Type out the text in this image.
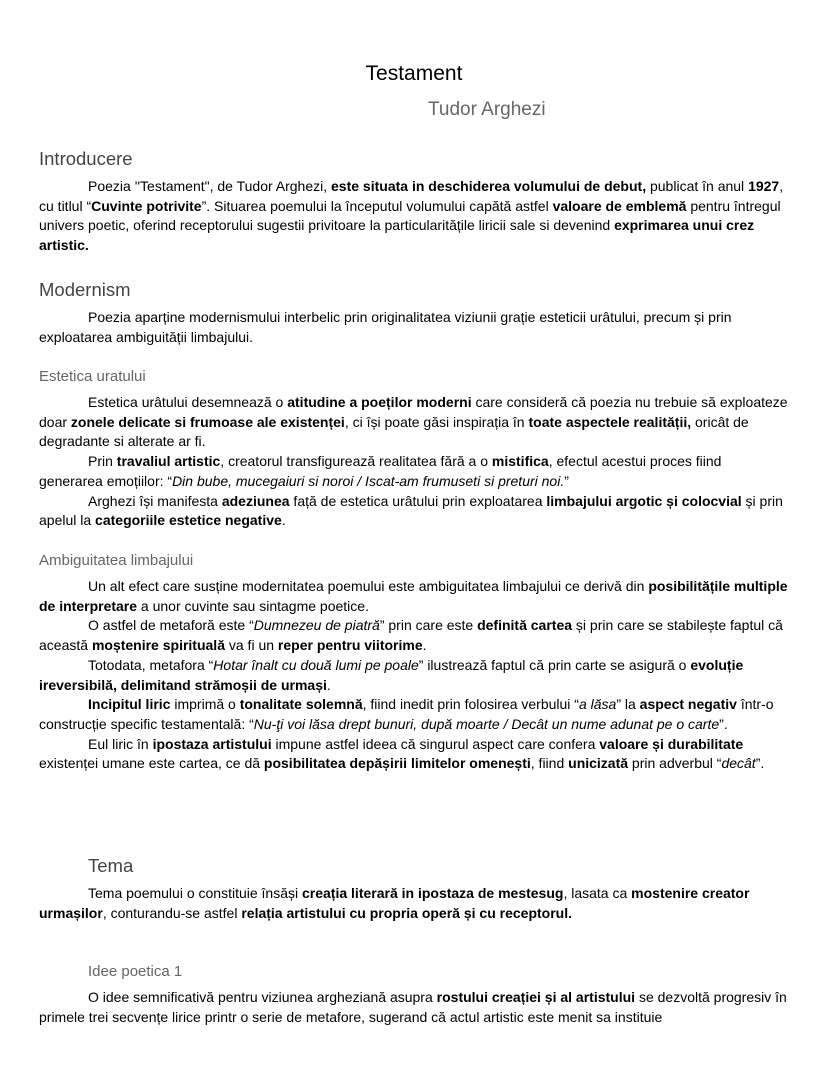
Testament
Tudor Arghezi
Introducere

Poezia ''Testament", de Tudor Arghezi, este situata in deschiderea volumului de debut, publicat în anul 1927, cu titlul “Cuvinte potrivite”. Situarea poemului la începutul volumului capătă astfel valoare de emblemă pentru întregul univers poetic, oferind receptorului sugestii privitoare la particularitățile liricii sale si devenind exprimarea unui crez artistic.

Modernism

Poezia aparține modernismului interbelic prin originalitatea viziunii grație esteticii urâtului, precum și prin exploatarea ambiguității limbajului.

Estetica uratului

Estetica urâtului desemnează o atitudine a poeților moderni care consideră că poezia nu trebuie să exploateze doar zonele delicate si frumoase ale existenței, ci își poate găsi inspirația în toate aspectele realității, oricât de degradante si alterate ar fi.

Prin travaliul artistic, creatorul transfigurează realitatea fără a o mistifica, efectul acestui proces fiind generarea emoțiilor: “Din bube, mucegaiuri si noroi / Iscat-am frumuseti si preturi noi.”

Arghezi își manifesta adeziunea față de estetica urâtului prin exploatarea limbajului argotic și colocvial și prin apelul la categoriile estetice negative.

Ambiguitatea limbajului

Un alt efect care susține modernitatea poemului este ambiguitatea limbajului ce derivă din posibilitățile multiple de interpretare a unor cuvinte sau sintagme poetice.

O astfel de metaforă este “Dumnezeu de piatră” prin care este definită cartea și prin care se stabilește faptul că această moștenire spirituală va fi un reper pentru viitorime.

Totodata, metafora “Hotar înalt cu două lumi pe poale” ilustrează faptul că prin carte se asigură o evoluție ireversibilă, delimitand strămoșii de urmași.

Incipitul liric imprimă o tonalitate solemnă, fiind inedit prin folosirea verbului “a lăsa” la aspect negativ într-o construcție specific testamentală: “Nu-ţi voi lăsa drept bunuri, după moarte / Decât un nume adunat pe o carte”.

Eul liric în ipostaza artistului impune astfel ideea că singurul aspect care confera valoare și durabilitate existenței umane este cartea, ce dă posibilitatea depășirii limitelor omenești, fiind unicizată prin adverbul “decât”.

Tema

Tema poemului o constituie însăși creația literară in ipostaza de mestesug, lasata ca mostenire creator urmașilor, conturandu-se astfel relația artistului cu propria operă și cu receptorul.

Idee poetica 1

O idee semnificativă pentru viziunea argheziană asupra rostului creației și al artistului se dezvoltă progresiv în primele trei secvențe lirice printr o serie de metafore, sugerand că actul artistic este menit sa instituie
